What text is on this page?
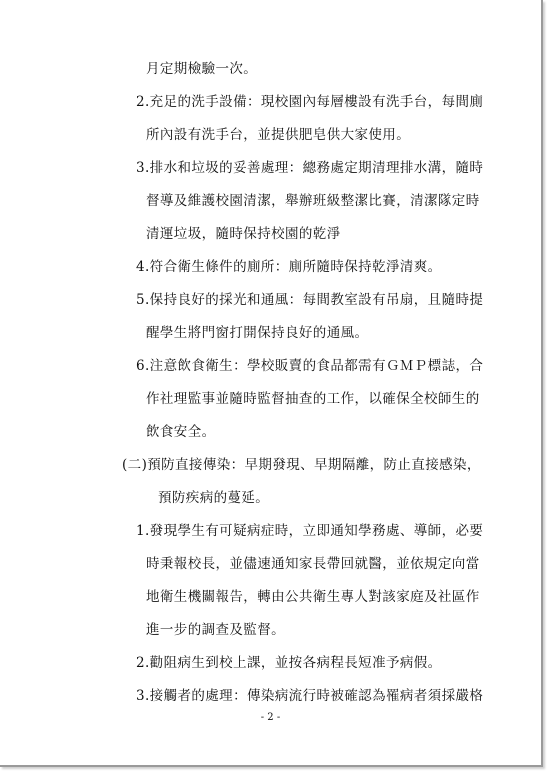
月定期檢驗一次。
2.充足的洗手設備：現校園內每層樓設有洗手台，每間廁
所內設有洗手台，並提供肥皂供大家使用。
3.排水和垃圾的妥善處理：總務處定期清理排水溝，隨時
督導及維護校園清潔，舉辦班級整潔比賽，清潔隊定時
清運垃圾，隨時保持校園的乾淨
4.符合衛生條件的廁所：廁所隨時保持乾淨清爽。
5.保持良好的採光和通風：每間教室設有吊扇，且隨時提
醒學生將門窗打開保持良好的通風。
6.注意飲食衛生：學校販賣的食品都需有ＧＭＰ標誌，合
作社理監事並隨時監督抽查的工作，以確保全校師生的
飲食安全。
(二)預防直接傳染：早期發現、早期隔離，防止直接感染，
預防疾病的蔓延。
1.發現學生有可疑病症時，立即通知學務處、導師，必要
時秉報校長，並儘速通知家長帶回就醫，並依規定向當
地衛生機關報告，轉由公共衛生專人對該家庭及社區作
進一步的調查及監督。
2.勸阻病生到校上課，並按各病程長短准予病假。
3.接觸者的處理：傳染病流行時被確認為罹病者須採嚴格
- 2 -
